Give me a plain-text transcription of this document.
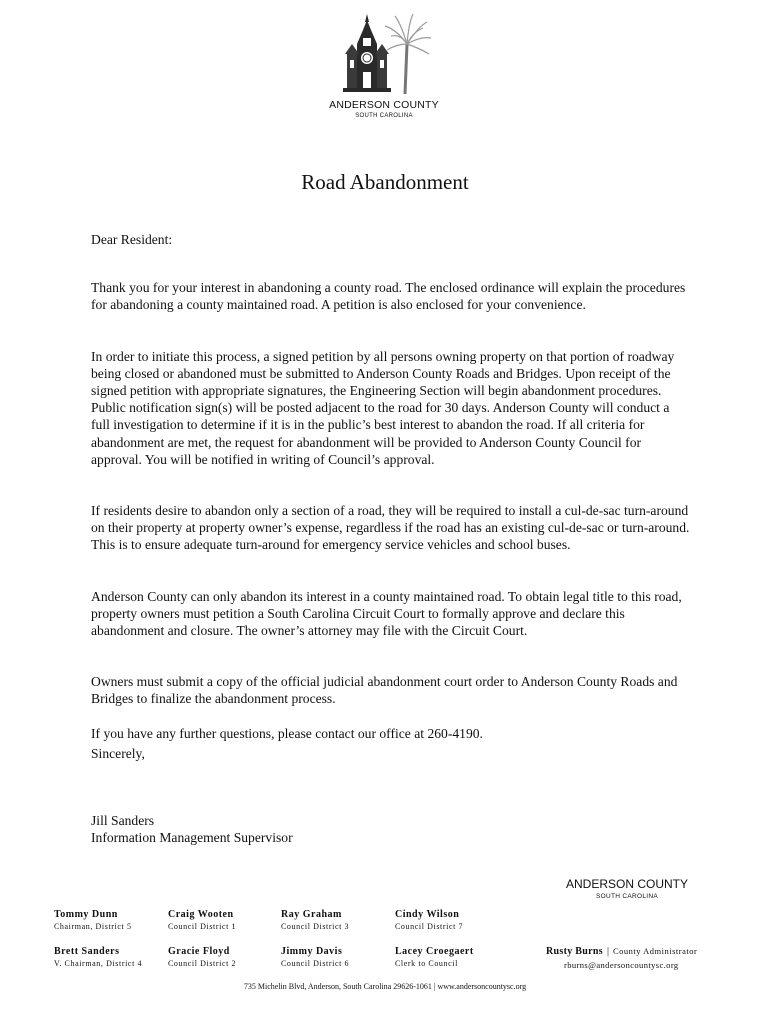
ANDERSON COUNTY
SOUTH CAROLINA
Road Abandonment
Dear Resident:

Thank you for your interest in abandoning a county road. The enclosed ordinance will explain the procedures for abandoning a county maintained road. A petition is also enclosed for your convenience.

In order to initiate this process, a signed petition by all persons owning property on that portion of roadway being closed or abandoned must be submitted to Anderson County Roads and Bridges. Upon receipt of the signed petition with appropriate signatures, the Engineering Section will begin abandonment procedures. Public notification sign(s) will be posted adjacent to the road for 30 days. Anderson County will conduct a full investigation to determine if it is in the public’s best interest to abandon the road. If all criteria for abandonment are met, the request for abandonment will be provided to Anderson County Council for approval. You will be notified in writing of Council’s approval.

If residents desire to abandon only a section of a road, they will be required to install a cul-de-sac turn-around on their property at property owner’s expense, regardless if the road has an existing cul-de-sac or turn-around. This is to ensure adequate turn-around for emergency service vehicles and school buses.

Anderson County can only abandon its interest in a county maintained road. To obtain legal title to this road, property owners must petition a South Carolina Circuit Court to formally approve and declare this abandonment and closure. The owner’s attorney may file with the Circuit Court.

Owners must submit a copy of the official judicial abandonment court order to Anderson County Roads and Bridges to finalize the abandonment process.

If you have any further questions, please contact our office at 260-4190.

Sincerely,
Jill Sanders
Information Management Supervisor
ANDERSON COUNTY
SOUTH CAROLINA
Tommy Dunn
Chairman, District 5
Craig Wooten
Council District 1
Ray Graham
Council District 3
Cindy Wilson
Council District 7
Brett Sanders
V. Chairman, District 4
Gracie Floyd
Council District 2
Jimmy Davis
Council District 6
Lacey Croegaert
Clerk to Council
Rusty Burns | County Administrator
rburns@andersoncountysc.org
735 Michelin Blvd, Anderson, South Carolina 29626-1061 | www.andersoncountysc.org
